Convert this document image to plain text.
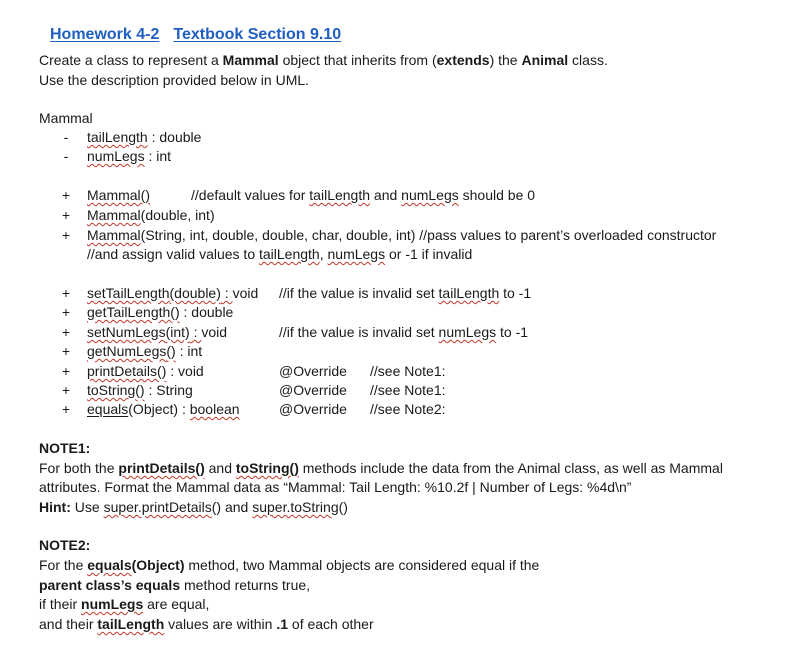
Homework 4-2 Textbook Section 9.10
Create a class to represent a Mammal object that inherits from (extends) the Animal class.
Use the description provided below in UML.
Mammal
- tailLength : double
- numLegs : int
+ Mammal()	//default values for tailLength and numLegs should be 0
+ Mammal(double, int)
+ Mammal(String, int, double, double, char, double, int) //pass values to parent’s overloaded constructor
//and assign valid values to tailLength, numLegs or -1 if invalid
+ setTailLength(double) : void //if the value is invalid set tailLength to -1
+ getTailLength() : double
+ setNumLegs(int) : void	//if the value is invalid set numLegs to -1
+ getNumLegs() : int
+ printDetails() : void	@Override //see Note1:
+ toString() : String	@Override //see Note1:
+ equals(Object) : boolean	@Override //see Note2:
NOTE1:
For both the printDetails() and toString() methods include the data from the Animal class, as well as Mammal
attributes. Format the Mammal data as “Mammal: Tail Length: %10.2f | Number of Legs: %4d\n”
Hint: Use super.printDetails() and super.toString()
NOTE2:
For the equals(Object) method, two Mammal objects are considered equal if the
parent class’s equals method returns true,
if their numLegs are equal,
and their tailLength values are within .1 of each other
